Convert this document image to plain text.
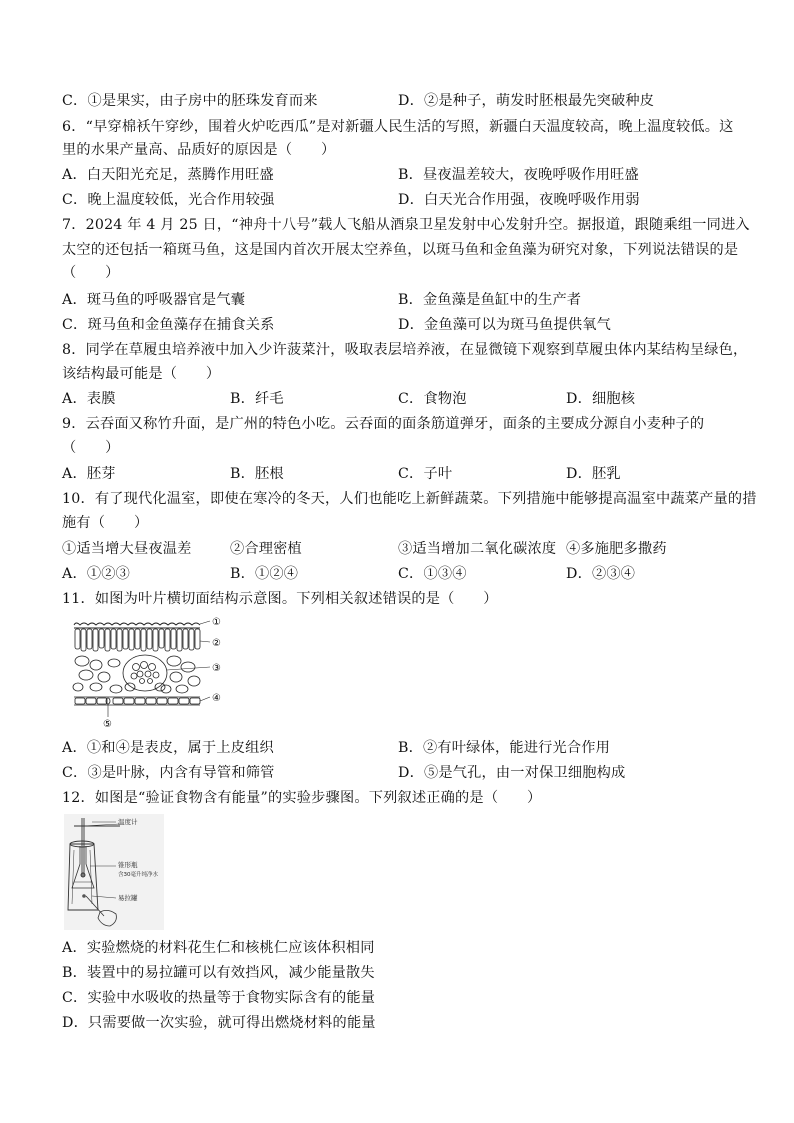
C．①是果实，由子房中的胚珠发育而来	D．②是种子，萌发时胚根最先突破种皮
6．“早穿棉袄午穿纱，围着火炉吃西瓜”是对新疆人民生活的写照，新疆白天温度较高，晚上温度较低。这
里的水果产量高、品质好的原因是（　　）
A．白天阳光充足，蒸腾作用旺盛	B．昼夜温差较大，夜晚呼吸作用旺盛
C．晚上温度较低，光合作用较强	D．白天光合作用强，夜晚呼吸作用弱
7．2024 年 4 月 25 日，“神舟十八号”载人飞船从酒泉卫星发射中心发射升空。据报道，跟随乘组一同进入
太空的还包括一箱斑马鱼，这是国内首次开展太空养鱼，以斑马鱼和金鱼藻为研究对象，下列说法错误的是
（　　）
A．斑马鱼的呼吸器官是气囊	B．金鱼藻是鱼缸中的生产者
C．斑马鱼和金鱼藻存在捕食关系	D．金鱼藻可以为斑马鱼提供氧气
8．同学在草履虫培养液中加入少许菠菜汁，吸取表层培养液，在显微镜下观察到草履虫体内某结构呈绿色，
该结构最可能是（　　）
A．表膜	B．纤毛	C．食物泡	D．细胞核
9．云吞面又称竹升面，是广州的特色小吃。云吞面的面条筋道弹牙，面条的主要成分源自小麦种子的
（　　）
A．胚芽	B．胚根	C．子叶	D．胚乳
10．有了现代化温室，即使在寒冷的冬天，人们也能吃上新鲜蔬菜。下列措施中能够提高温室中蔬菜产量的措
施有（　　）
①适当增大昼夜温差	②合理密植	③适当增加二氧化碳浓度 ④多施肥多撒药
A．①②③	B．①②④	C．①③④	D．②③④
11．如图为叶片横切面结构示意图。下列相关叙述错误的是（　　）
①
②
③
④
⑤
A．①和④是表皮，属于上皮组织	B．②有叶绿体，能进行光合作用
C．③是叶脉，内含有导管和筛管	D．⑤是气孔，由一对保卫细胞构成
12．如图是“验证食物含有能量”的实验步骤图。下列叙述正确的是（　　）
温度计
锥形瓶
含30毫升纯净水
易拉罐
A．实验燃烧的材料花生仁和核桃仁应该体积相同
B．装置中的易拉罐可以有效挡风，减少能量散失
C．实验中水吸收的热量等于食物实际含有的能量
D．只需要做一次实验，就可得出燃烧材料的能量
